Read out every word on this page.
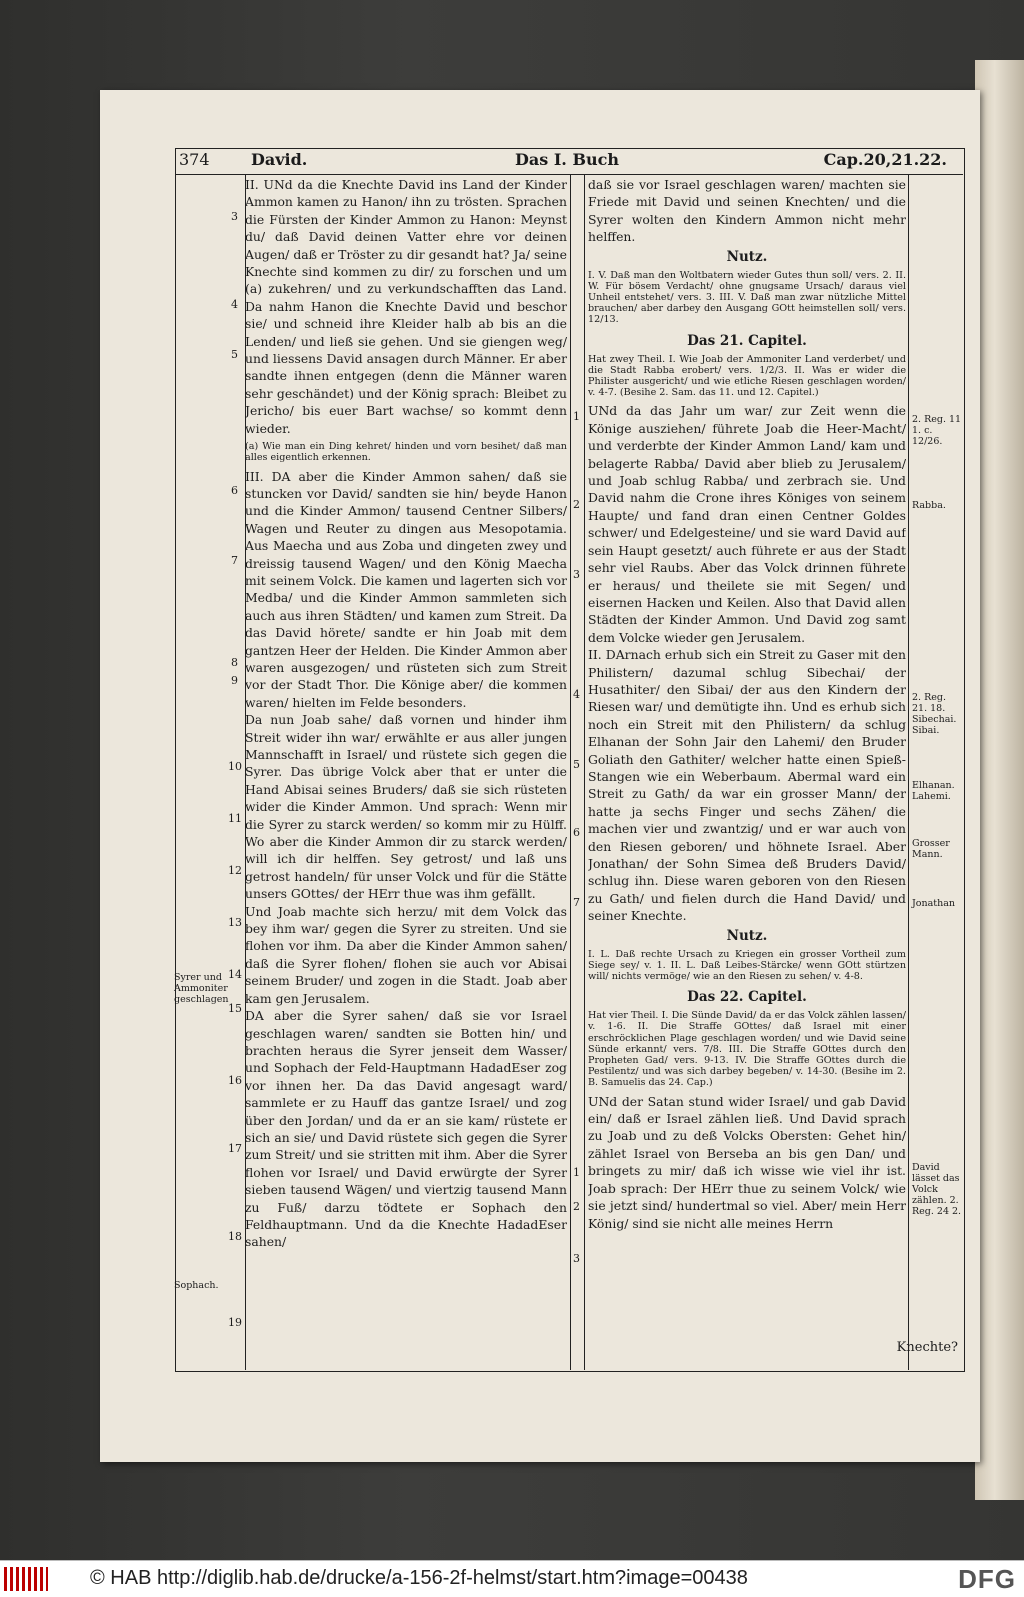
374	David.	Das I. Buch	Cap.20,21.22.

II. UNd da die Knechte David ins Land der Kinder Ammon kamen zu Hanon/ ihn zu trösten. Sprachen die Fürsten der Kinder Ammon zu Hanon: Meynst du/ daß David deinen Vatter ehre vor deinen Augen/ daß er Tröster zu dir gesandt hat? Ja/ seine Knechte sind kommen zu dir/ zu forschen und um (a) zukehren/ und zu verkundschafften das Land. Da nahm Hanon die Knechte David und beschor sie/ und schneid ihre Kleider halb ab bis an die Lenden/ und ließ sie gehen. Und sie giengen weg/ und liessens David ansagen durch Männer. Er aber sandte ihnen entgegen (denn die Männer waren sehr geschändet) und der König sprach: Bleibet zu Jericho/ bis euer Bart wachse/ so kommt denn wieder.

(a) Wie man ein Ding kehret/ hinden und vorn besihet/ daß man alles eigentlich erkennen.

III. DA aber die Kinder Ammon sahen/ daß sie stuncken vor David/ sandten sie hin/ beyde Hanon und die Kinder Ammon/ tausend Centner Silbers/ Wagen und Reuter zu dingen aus Mesopotamia. Aus Maecha und aus Zoba und dingeten zwey und dreissig tausend Wagen/ und den König Maecha mit seinem Volck. Die kamen und lagerten sich vor Medba/ und die Kinder Ammon sammleten sich auch aus ihren Städten/ und kamen zum Streit. Da das David hörete/ sandte er hin Joab mit dem gantzen Heer der Helden. Die Kinder Ammon aber waren ausgezogen/ und rüsteten sich zum Streit vor der Stadt Thor. Die Könige aber/ die kommen waren/ hielten im Felde besonders.

Da nun Joab sahe/ daß vornen und hinder ihm Streit wider ihn war/ erwählte er aus aller jungen Mannschafft in Israel/ und rüstete sich gegen die Syrer. Das übrige Volck aber that er unter die Hand Abisai seines Bruders/ daß sie sich rüsteten wider die Kinder Ammon. Und sprach: Wenn mir die Syrer zu starck werden/ so komm mir zu Hülff. Wo aber die Kinder Ammon dir zu starck werden/ will ich dir helffen. Sey getrost/ und laß uns getrost handeln/ für unser Volck und für die Stätte unsers GOttes/ der HErr thue was ihm gefällt.

Und Joab machte sich herzu/ mit dem Volck das bey ihm war/ gegen die Syrer zu streiten. Und sie flohen vor ihm. Da aber die Kinder Ammon sahen/ daß die Syrer flohen/ flohen sie auch vor Abisai seinem Bruder/ und zogen in die Stadt. Joab aber kam gen Jerusalem.

DA aber die Syrer sahen/ daß sie vor Israel geschlagen waren/ sandten sie Botten hin/ und brachten heraus die Syrer jenseit dem Wasser/ und Sophach der Feld-Hauptmann HadadEser zog vor ihnen her. Da das David angesagt ward/ sammlete er zu Hauff das gantze Israel/ und zog über den Jordan/ und da er an sie kam/ rüstete er sich an sie/ und David rüstete sich gegen die Syrer zum Streit/ und sie stritten mit ihm. Aber die Syrer flohen vor Israel/ und David erwürgte der Syrer sieben tausend Wägen/ und viertzig tausend Mann zu Fuß/ darzu tödtete er Sophach den Feldhauptmann. Und da die Knechte HadadEser sahen/

daß sie vor Israel geschlagen waren/ machten sie Friede mit David und seinen Knechten/ und die Syrer wolten den Kindern Ammon nicht mehr helffen.

Nutz.

I. V. Daß man den Woltbatern wieder Gutes thun soll/ vers. 2. II. W. Für bösem Verdacht/ ohne gnugsame Ursach/ daraus viel Unheil entstehet/ vers. 3. III. V. Daß man zwar nützliche Mittel brauchen/ aber darbey den Ausgang GOtt heimstellen soll/ vers. 12/13.

Das 21. Capitel.

Hat zwey Theil. I. Wie Joab der Ammoniter Land verderbet/ und die Stadt Rabba erobert/ vers. 1/2/3. II. Was er wider die Philister ausgericht/ und wie etliche Riesen geschlagen worden/ v. 4-7. (Besihe 2. Sam. das 11. und 12. Capitel.)

UNd da das Jahr um war/ zur Zeit wenn die Könige ausziehen/ führete Joab die Heer-Macht/ und verderbte der Kinder Ammon Land/ kam und belagerte Rabba/ David aber blieb zu Jerusalem/ und Joab schlug Rabba/ und zerbrach sie. Und David nahm die Crone ihres Königes von seinem Haupte/ und fand dran einen Centner Goldes schwer/ und Edelgesteine/ und sie ward David auf sein Haupt gesetzt/ auch führete er aus der Stadt sehr viel Raubs. Aber das Volck drinnen führete er heraus/ und theilete sie mit Segen/ und eisernen Hacken und Keilen. Also that David allen Städten der Kinder Ammon. Und David zog samt dem Volcke wieder gen Jerusalem.

II. DArnach erhub sich ein Streit zu Gaser mit den Philistern/ dazumal schlug Sibechai/ der Husathiter/ den Sibai/ der aus den Kindern der Riesen war/ und demütigte ihn. Und es erhub sich noch ein Streit mit den Philistern/ da schlug Elhanan der Sohn Jair den Lahemi/ den Bruder Goliath den Gathiter/ welcher hatte einen Spieß-Stangen wie ein Weberbaum. Abermal ward ein Streit zu Gath/ da war ein grosser Mann/ der hatte ja sechs Finger und sechs Zähen/ die machen vier und zwantzig/ und er war auch von den Riesen geboren/ und höhnete Israel. Aber Jonathan/ der Sohn Simea deß Bruders David/ schlug ihn. Diese waren geboren von den Riesen zu Gath/ und fielen durch die Hand David/ und seiner Knechte.

Nutz.

I. L. Daß rechte Ursach zu Kriegen ein grosser Vortheil zum Siege sey/ v. 1. II. L. Daß Leibes-Stärcke/ wenn GOtt stürtzen will/ nichts vermöge/ wie an den Riesen zu sehen/ v. 4-8.

Das 22. Capitel.

Hat vier Theil. I. Die Sünde David/ da er das Volck zählen lassen/ v. 1-6. II. Die Straffe GOttes/ daß Israel mit einer erschröcklichen Plage geschlagen worden/ und wie David seine Sünde erkannt/ vers. 7/8. III. Die Straffe GOttes durch den Propheten Gad/ vers. 9-13. IV. Die Straffe GOttes durch die Pestilentz/ und was sich darbey begeben/ v. 14-30. (Besihe im 2. B. Samuelis das 24. Cap.)

UNd der Satan stund wider Israel/ und gab David ein/ daß er Israel zählen ließ. Und David sprach zu Joab und zu deß Volcks Obersten: Gehet hin/ zählet Israel von Berseba an bis gen Dan/ und bringets zu mir/ daß ich wisse wie viel ihr ist. Joab sprach: Der HErr thue zu seinem Volck/ wie sie jetzt sind/ hundertmal so viel. Aber/ mein Herr König/ sind sie nicht alle meines Herrn

3
4
5
6
7
8
9
10
11
12
13
14
15
16
17
18
19
1
2
3
4
5
6
7
1
2
3
Syrer und Ammoniter geschlagen
Sophach.
2. Reg. 11 1. c. 12/26.
Rabba.
2. Reg. 21. 18. Sibechai. Sibai.
Elhanan. Lahemi.
Grosser Mann.
Jonathan
David lässet das Volck zählen. 2. Reg. 24 2.
Knechte?
© HAB http://diglib.hab.de/drucke/a-156-2f-helmst/start.htm?image=00438	DFG
